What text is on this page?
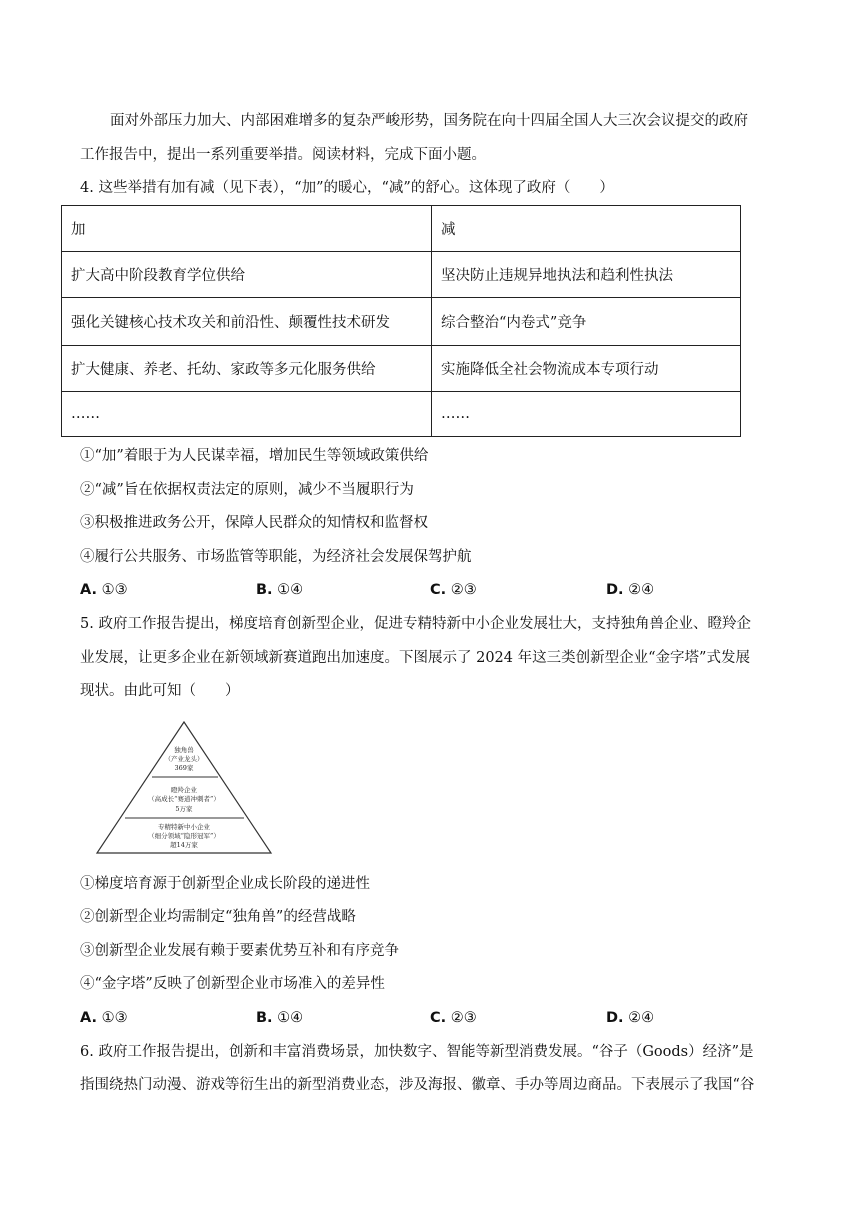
面对外部压力加大、内部困难增多的复杂严峻形势，国务院在向十四届全国人大三次会议提交的政府
工作报告中，提出一系列重要举措。阅读材料，完成下面小题。
4. 这些举措有加有减（见下表），“加”的暖心，“减”的舒心。这体现了政府（　　）
加	减
扩大高中阶段教育学位供给	坚决防止违规异地执法和趋利性执法
强化关键核心技术攻关和前沿性、颠覆性技术研发	综合整治“内卷式”竞争
扩大健康、养老、托幼、家政等多元化服务供给	实施降低全社会物流成本专项行动
……	……
①“加”着眼于为人民谋幸福，增加民生等领域政策供给
②“减”旨在依据权责法定的原则，减少不当履职行为
③积极推进政务公开，保障人民群众的知情权和监督权
④履行公共服务、市场监管等职能，为经济社会发展保驾护航
A. ①③	B. ①④	C. ②③	D. ②④
5. 政府工作报告提出，梯度培育创新型企业，促进专精特新中小企业发展壮大，支持独角兽企业、瞪羚企
业发展，让更多企业在新领域新赛道跑出加速度。下图展示了 2024 年这三类创新型企业“金字塔”式发展
现状。由此可知（　　）
独角兽
（产业龙头）
369家
瞪羚企业
（高成长“赛道冲刺者”）
5万家
专精特新中小企业
（细分领域“隐形冠军”）
超14万家
①梯度培育源于创新型企业成长阶段的递进性
②创新型企业均需制定“独角兽”的经营战略
③创新型企业发展有赖于要素优势互补和有序竞争
④“金字塔”反映了创新型企业市场准入的差异性
A. ①③	B. ①④	C. ②③	D. ②④
6. 政府工作报告提出，创新和丰富消费场景，加快数字、智能等新型消费发展。“谷子（Goods）经济”是
指围绕热门动漫、游戏等衍生出的新型消费业态，涉及海报、徽章、手办等周边商品。下表展示了我国“谷
